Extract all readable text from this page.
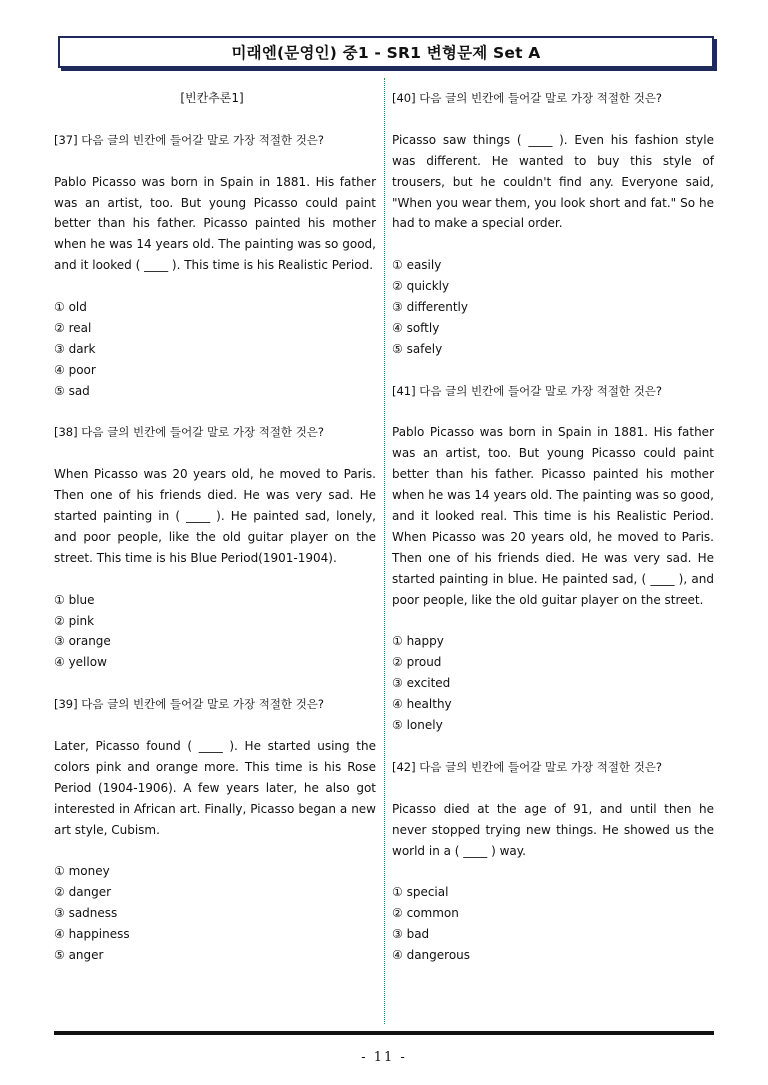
미래엔(문영인) 중1 - SR1 변형문제 Set A
[빈칸추론1]
[37] 다음 글의 빈칸에 들어갈 말로 가장 적절한 것은?
Pablo Picasso was born in Spain in 1881. His father was an artist, too. But young Picasso could paint better than his father. Picasso painted his mother when he was 14 years old. The painting was so good, and it looked ( ____ ). This time is his Realistic Period.
① old
② real
③ dark
④ poor
⑤ sad
[38] 다음 글의 빈칸에 들어갈 말로 가장 적절한 것은?
When Picasso was 20 years old, he moved to Paris. Then one of his friends died. He was very sad. He started painting in ( ____ ). He painted sad, lonely, and poor people, like the old guitar player on the street. This time is his Blue Period(1901-1904).
① blue
② pink
③ orange
④ yellow
[39] 다음 글의 빈칸에 들어갈 말로 가장 적절한 것은?
Later, Picasso found ( ____ ). He started using the colors pink and orange more. This time is his Rose Period (1904-1906). A few years later, he also got interested in African art. Finally, Picasso began a new art style, Cubism.
① money
② danger
③ sadness
④ happiness
⑤ anger
[40] 다음 글의 빈칸에 들어갈 말로 가장 적절한 것은?
Picasso saw things ( ____ ). Even his fashion style was different. He wanted to buy this style of trousers, but he couldn't find any. Everyone said, "When you wear them, you look short and fat." So he had to make a special order.
① easily
② quickly
③ differently
④ softly
⑤ safely
[41] 다음 글의 빈칸에 들어갈 말로 가장 적절한 것은?
Pablo Picasso was born in Spain in 1881. His father was an artist, too. But young Picasso could paint better than his father. Picasso painted his mother when he was 14 years old. The painting was so good, and it looked real. This time is his Realistic Period. When Picasso was 20 years old, he moved to Paris. Then one of his friends died. He was very sad. He started painting in blue. He painted sad, ( ____ ), and poor people, like the old guitar player on the street.
① happy
② proud
③ excited
④ healthy
⑤ lonely
[42] 다음 글의 빈칸에 들어갈 말로 가장 적절한 것은?
Picasso died at the age of 91, and until then he never stopped trying new things. He showed us the world in a ( ____ ) way.
① special
② common
③ bad
④ dangerous
- 11 -
